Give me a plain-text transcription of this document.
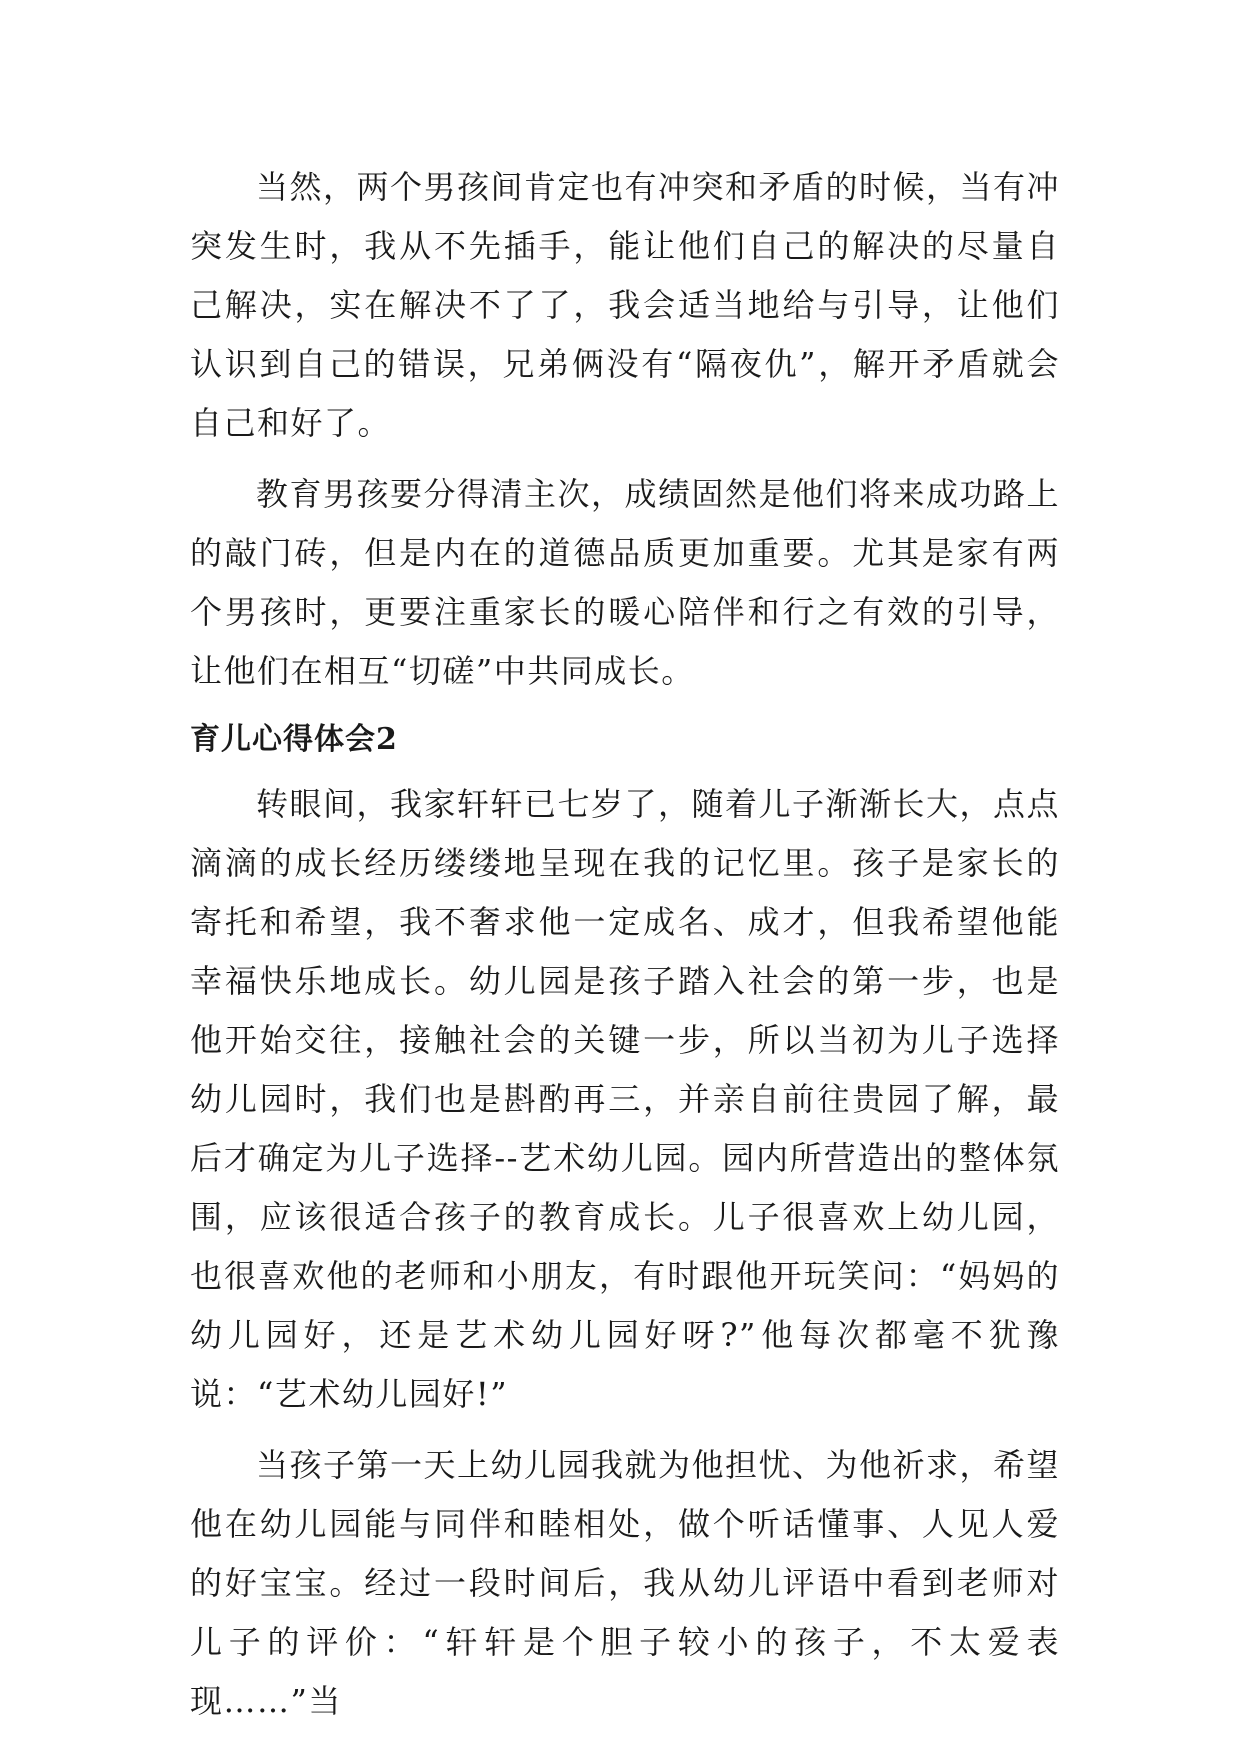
当然，两个男孩间肯定也有冲突和矛盾的时候，当有冲突发生时，我从不先插手，能让他们自己的解决的尽量自己解决，实在解决不了了，我会适当地给与引导，让他们认识到自己的错误，兄弟俩没有“隔夜仇”，解开矛盾就会自己和好了。

教育男孩要分得清主次，成绩固然是他们将来成功路上的敲门砖，但是内在的道德品质更加重要。尤其是家有两个男孩时，更要注重家长的暖心陪伴和行之有效的引导，让他们在相互“切磋”中共同成长。

育儿心得体会2

转眼间，我家轩轩已七岁了，随着儿子渐渐长大，点点滴滴的成长经历缕缕地呈现在我的记忆里。孩子是家长的寄托和希望，我不奢求他一定成名、成才，但我希望他能幸福快乐地成长。幼儿园是孩子踏入社会的第一步，也是他开始交往，接触社会的关键一步，所以当初为儿子选择幼儿园时，我们也是斟酌再三，并亲自前往贵园了解，最后才确定为儿子选择--艺术幼儿园。园内所营造出的整体氛围，应该很适合孩子的教育成长。儿子很喜欢上幼儿园，也很喜欢他的老师和小朋友，有时跟他开玩笑问：“妈妈的幼儿园好，还是艺术幼儿园好呀?”他每次都毫不犹豫说：“艺术幼儿园好!”

当孩子第一天上幼儿园我就为他担忧、为他祈求，希望他在幼儿园能与同伴和睦相处，做个听话懂事、人见人爱的好宝宝。经过一段时间后，我从幼儿评语中看到老师对儿子的评价：“轩轩是个胆子较小的孩子，不太爱表现……”当
